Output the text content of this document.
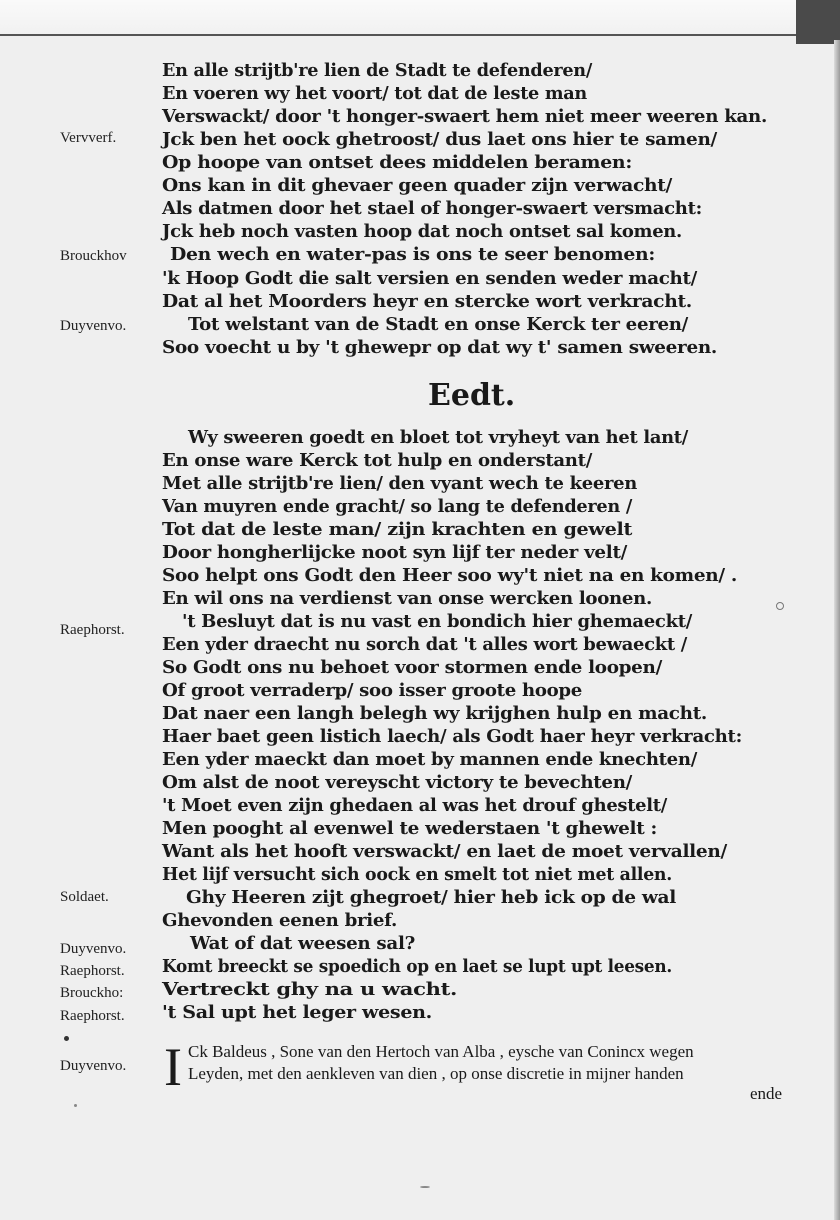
En alle strijtb're lien de Stadt te defenderen/
En voeren wy het voort/ tot dat de leste man
Verswackt/ door 't honger-swaert hem niet meer weeren kan.
Jck ben het oock ghetroost/ dus laet ons hier te samen/
Op hoope van ontset dees middelen beramen:
Ons kan in dit ghevaer geen quader zijn verwacht/
Als datmen door het stael of honger-swaert versmacht:
Jck heb noch vasten hoop dat noch ontset sal komen.
Den wech en water-pas is ons te seer benomen:
'k Hoop Godt die salt versien en senden weder macht/
Dat al het Moorders heyr en stercke wort verkracht.
Tot welstant van de Stadt en onse Kerck ter eeren/
Soo voecht u by 't ghewepr op dat wy t' samen sweeren.
Vervverf.
Brouckhov
Duyvenvo.
Eedt.
Wy sweeren goedt en bloet tot vryheyt van het lant/
En onse ware Kerck tot hulp en onderstant/
Met alle strijtb're lien/ den vyant wech te keeren
Van muyren ende gracht/ so lang te defenderen /
Tot dat de leste man/ zijn krachten en gewelt
Door hongherlijcke noot syn lijf ter neder velt/
Soo helpt ons Godt den Heer soo wy't niet na en komen/ .
En wil ons na verdienst van onse wercken loonen.
't Besluyt dat is nu vast en bondich hier ghemaeckt/
Een yder draecht nu sorch dat 't alles wort bewaeckt /
So Godt ons nu behoet voor stormen ende loopen/
Of groot verraderp/ soo isser groote hoope
Dat naer een langh belegh wy krijghen hulp en macht.
Haer baet geen listich laech/ als Godt haer heyr verkracht:
Een yder maeckt dan moet by mannen ende knechten/
Om alst de noot vereyscht victory te bevechten/
't Moet even zijn ghedaen al was het drouf ghestelt/
Men pooght al evenwel te wederstaen 't ghewelt :
Want als het hooft verswackt/ en laet de moet vervallen/
Het lijf versucht sich oock en smelt tot niet met allen.
Ghy Heeren zijt ghegroet/ hier heb ick op de wal
Ghevonden eenen brief.
Wat of dat weesen sal?
Komt breeckt se spoedich op en laet se lupt upt leesen.
Vertreckt ghy na u wacht.
't Sal upt het leger wesen.
Raephorst.
Soldaet.
Duyvenvo.
Raephorst.
Brouckho:
Raephorst.
Duyvenvo. I Ck Baldeus , Sone van den Hertoch van Alba , eysche van Conincx wegen
Leyden, met den aenkleven van dien , op onse discretie in mijner handen
ende
